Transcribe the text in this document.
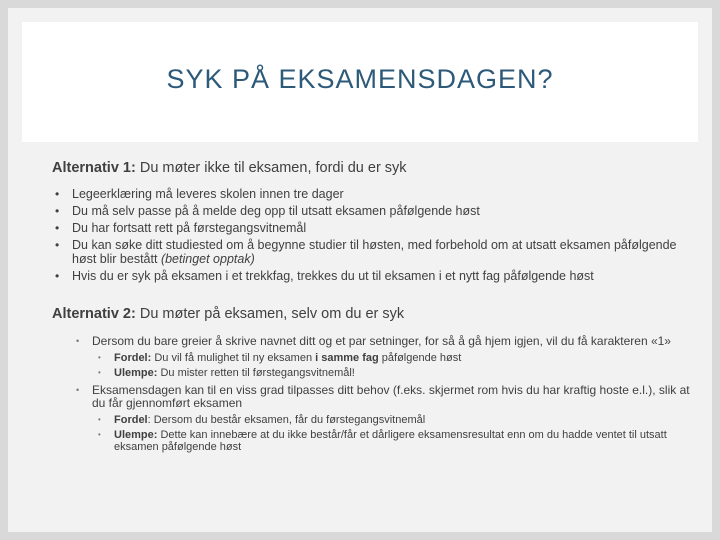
SYK PÅ EKSAMENSDAGEN?

Alternativ 1: Du møter ikke til eksamen, fordi du er syk

• Legeerklæring må leveres skolen innen tre dager
• Du må selv passe på å melde deg opp til utsatt eksamen påfølgende høst
• Du har fortsatt rett på førstegangsvitnemål
• Du kan søke ditt studiested om å begynne studier til høsten, med forbehold om at utsatt eksamen påfølgende høst blir bestått (betinget opptak)
• Hvis du er syk på eksamen i et trekkfag, trekkes du ut til eksamen i et nytt fag påfølgende høst

Alternativ 2: Du møter på eksamen, selv om du er syk

• Dersom du bare greier å skrive navnet ditt og et par setninger, for så å gå hjem igjen, vil du få karakteren «1»
• Fordel: Du vil få mulighet til ny eksamen i samme fag påfølgende høst
• Ulempe: Du mister retten til førstegangsvitnemål!
• Eksamensdagen kan til en viss grad tilpasses ditt behov (f.eks. skjermet rom hvis du har kraftig hoste e.l.), slik at du får gjennomført eksamen
• Fordel: Dersom du består eksamen, får du førstegangsvitnemål
• Ulempe: Dette kan innebære at du ikke består/får et dårligere eksamensresultat enn om du hadde ventet til utsatt eksamen påfølgende høst
